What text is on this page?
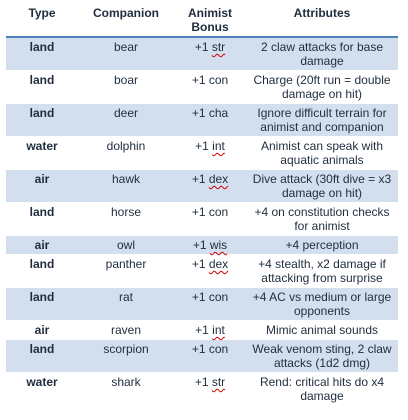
Type	Companion	Animist Bonus	Attributes
land	bear	+1 str	2 claw attacks for base damage
land	boar	+1 con	Charge (20ft run = double damage on hit)
land	deer	+1 cha	Ignore difficult terrain for animist and companion
water	dolphin	+1 int	Animist can speak with aquatic animals
air	hawk	+1 dex	Dive attack (30ft dive = x3 damage on hit)
land	horse	+1 con	+4 on constitution checks for animist
air	owl	+1 wis	+4 perception
land	panther	+1 dex	+4 stealth, x2 damage if attacking from surprise
land	rat	+1 con	+4 AC vs medium or large opponents
air	raven	+1 int	Mimic animal sounds
land	scorpion	+1 con	Weak venom sting, 2 claw attacks (1d2 dmg)
water	shark	+1 str	Rend: critical hits do x4 damage
